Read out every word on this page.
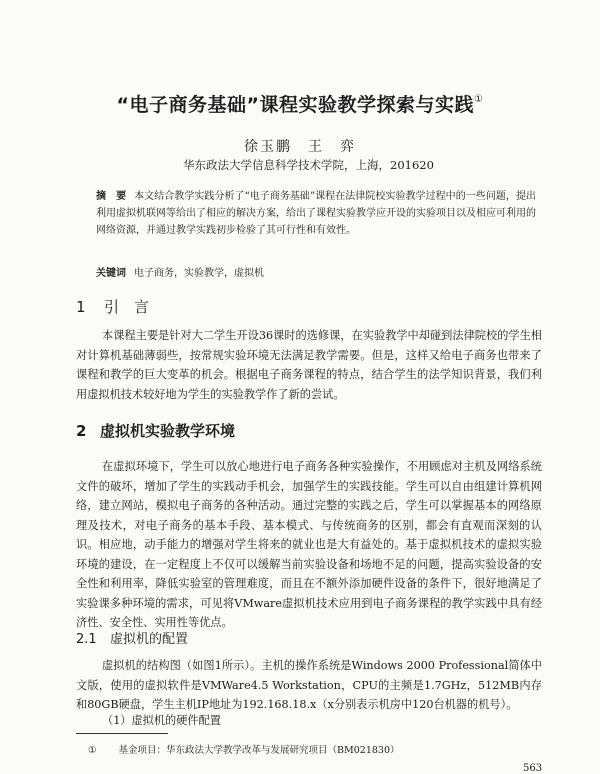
“电子商务基础”课程实验教学探索与实践①
徐玉鹏　王　弈
华东政法大学信息科学技术学院，上海，201620
摘　要 本文结合教学实践分析了“电子商务基础”课程在法律院校实验教学过程中的一些问题，提出利用虚拟机联网等给出了相应的解决方案，给出了课程实验教学应开设的实验项目以及相应可利用的网络资源，并通过教学实践初步检验了其可行性和有效性。
关键词 电子商务，实验教学，虚拟机
1 引　言

本课程主要是针对大二学生开设36课时的选修课，在实验教学中却碰到法律院校的学生相对计算机基础薄弱些，按常规实验环境无法满足教学需要。但是，这样又给电子商务也带来了课程和教学的巨大变革的机会。根据电子商务课程的特点，结合学生的法学知识背景，我们利用虚拟机技术较好地为学生的实验教学作了新的尝试。

2 虚拟机实验教学环境

在虚拟环境下，学生可以放心地进行电子商务各种实验操作，不用顾虑对主机及网络系统文件的破坏，增加了学生的实践动手机会，加强学生的实践技能。学生可以自由组建计算机网络，建立网站，模拟电子商务的各种活动。通过完整的实践之后，学生可以掌握基本的网络原理及技术，对电子商务的基本手段、基本模式、与传统商务的区别，都会有直观而深刻的认识。相应地，动手能力的增强对学生将来的就业也是大有益处的。基于虚拟机技术的虚拟实验环境的建设，在一定程度上不仅可以缓解当前实验设备和场地不足的问题，提高实验设备的安全性和利用率，降低实验室的管理难度，而且在不额外添加硬件设备的条件下，很好地满足了实验课多种环境的需求，可见将VMware虚拟机技术应用到电子商务课程的教学实践中具有经济性、安全性、实用性等优点。

2.1 虚拟机的配置

虚拟机的结构图（如图1所示）。主机的操作系统是Windows 2000 Professional简体中文版，使用的虚拟软件是VMWare4.5 Workstation，CPU的主频是1.7GHz，512MB内存和80GB硬盘，学生主机IP地址为192.168.18.x（x分别表示机房中120台机器的机号）。

（1）虚拟机的硬件配置
① 基金项目：华东政法大学教学改革与发展研究项目（BM021830）
563
